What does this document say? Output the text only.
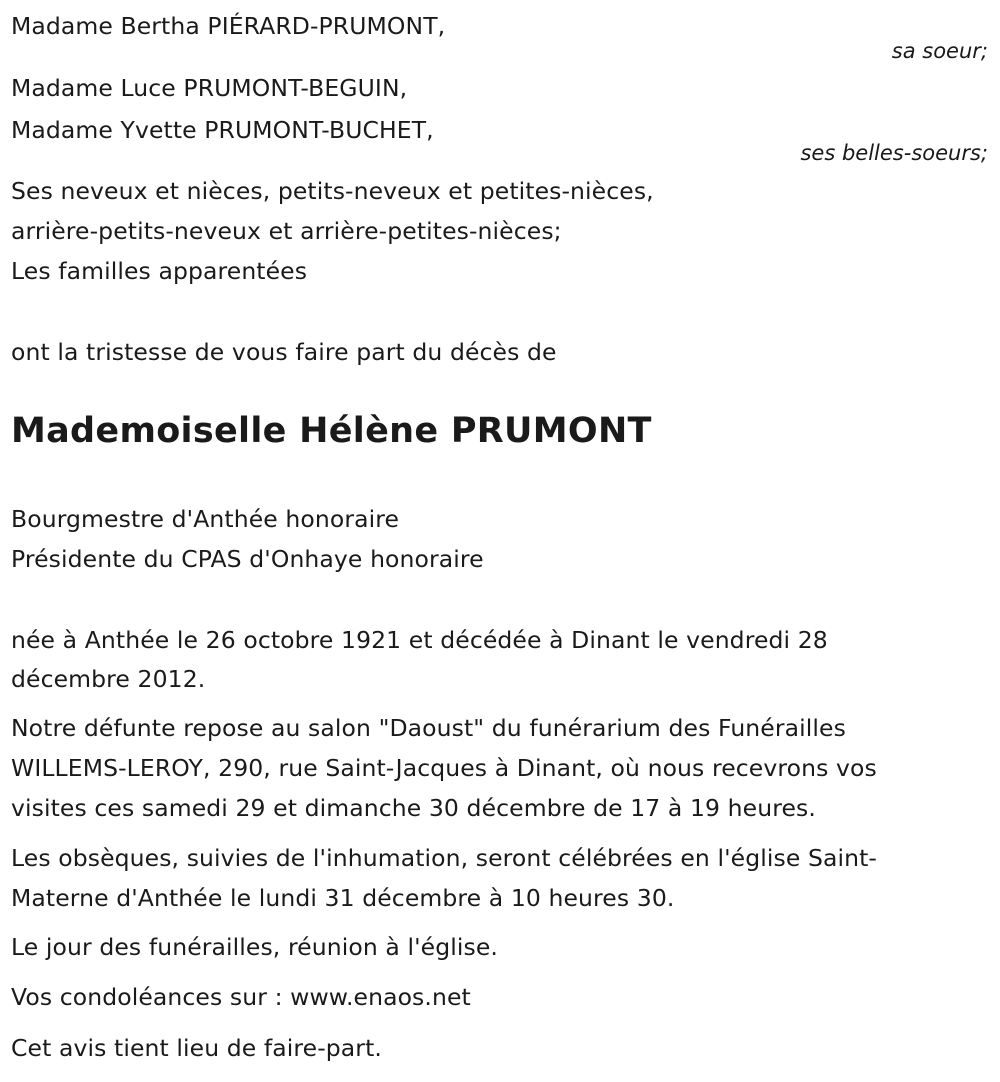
Madame Bertha PIÉRARD-PRUMONT,
sa soeur;
Madame Luce PRUMONT-BEGUIN,
Madame Yvette PRUMONT-BUCHET,
ses belles-soeurs;
Ses neveux et nièces, petits-neveux et petites-nièces,
arrière-petits-neveux et arrière-petites-nièces;
Les familles apparentées
ont la tristesse de vous faire part du décès de
Mademoiselle Hélène PRUMONT
Bourgmestre d'Anthée honoraire
Présidente du CPAS d'Onhaye honoraire
née à Anthée le 26 octobre 1921 et décédée à Dinant le vendredi 28
décembre 2012.
Notre défunte repose au salon "Daoust" du funérarium des Funérailles
WILLEMS-LEROY, 290, rue Saint-Jacques à Dinant, où nous recevrons vos
visites ces samedi 29 et dimanche 30 décembre de 17 à 19 heures.
Les obsèques, suivies de l'inhumation, seront célébrées en l'église Saint-
Materne d'Anthée le lundi 31 décembre à 10 heures 30.
Le jour des funérailles, réunion à l'église.
Vos condoléances sur : www.enaos.net
Cet avis tient lieu de faire-part.
